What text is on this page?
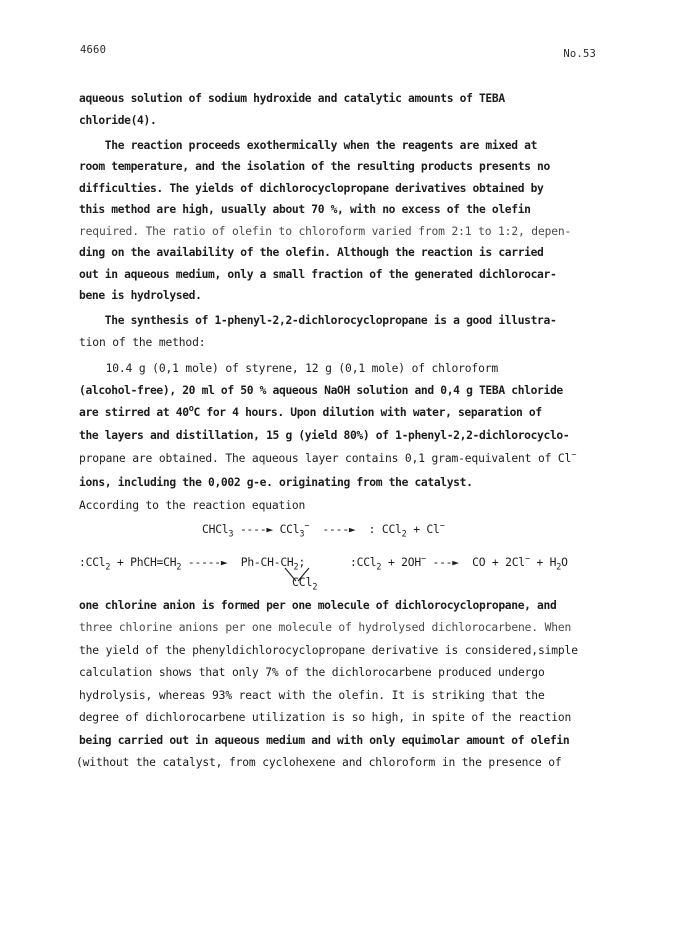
4660	No.53
aqueous solution of sodium hydroxide and catalytic amounts of TEBA
chloride(4).
The reaction proceeds exothermically when the reagents are mixed at
room temperature, and the isolation of the resulting products presents no
difficulties. The yields of dichlorocyclopropane derivatives obtained by
this method are high, usually about 70 %, with no excess of the olefin
required. The ratio of olefin to chloroform varied from 2:1 to 1:2, depen-
ding on the availability of the olefin. Although the reaction is carried
out in aqueous medium, only a small fraction of the generated dichlorocar-
bene is hydrolysed.
The synthesis of 1-phenyl-2,2-dichlorocyclopropane is a good illustra-
tion of the method:
10.4 g (0,1 mole) of styrene, 12 g (0,1 mole) of chloroform
(alcohol-free), 20 ml of 50 % aqueous NaOH solution and 0,4 g TEBA chloride
are stirred at 40$^o$C for 4 hours. Upon dilution with water, separation of
the layers and distillation, 15 g (yield 80%) of 1-phenyl-2,2-dichlorocyclo-
propane are obtained. The aqueous layer contains 0,1 gram-equivalent of Cl−
ions, including the 0,002 g-e. originating from the catalyst.
According to the reaction equation
CHCl$_3$ ----► CCl$_3$− ----► : CCl$_2$ + Cl−
:CCl$_2$ + $PhCH=CH_2$ -----► $Ph-CH-CH_2$;
CCl$_2$
:CCl$_2$ + 2OH− ---► CO + $2Cl^- + H_2O$
one chlorine anion is formed per one molecule of dichlorocyclopropane, and
three chlorine anions per one molecule of hydrolysed dichlorocarbene. When
the yield of the phenyldichlorocyclopropane derivative is considered,simple
calculation shows that only 7% of the dichlorocarbene produced undergo
hydrolysis, whereas 93% react with the olefin. It is striking that the
degree of dichlorocarbene utilization is so high, in spite of the reaction
being carried out in aqueous medium and with only equimolar amount of olefin
(without the catalyst, from cyclohexene and chloroform in the presence of
